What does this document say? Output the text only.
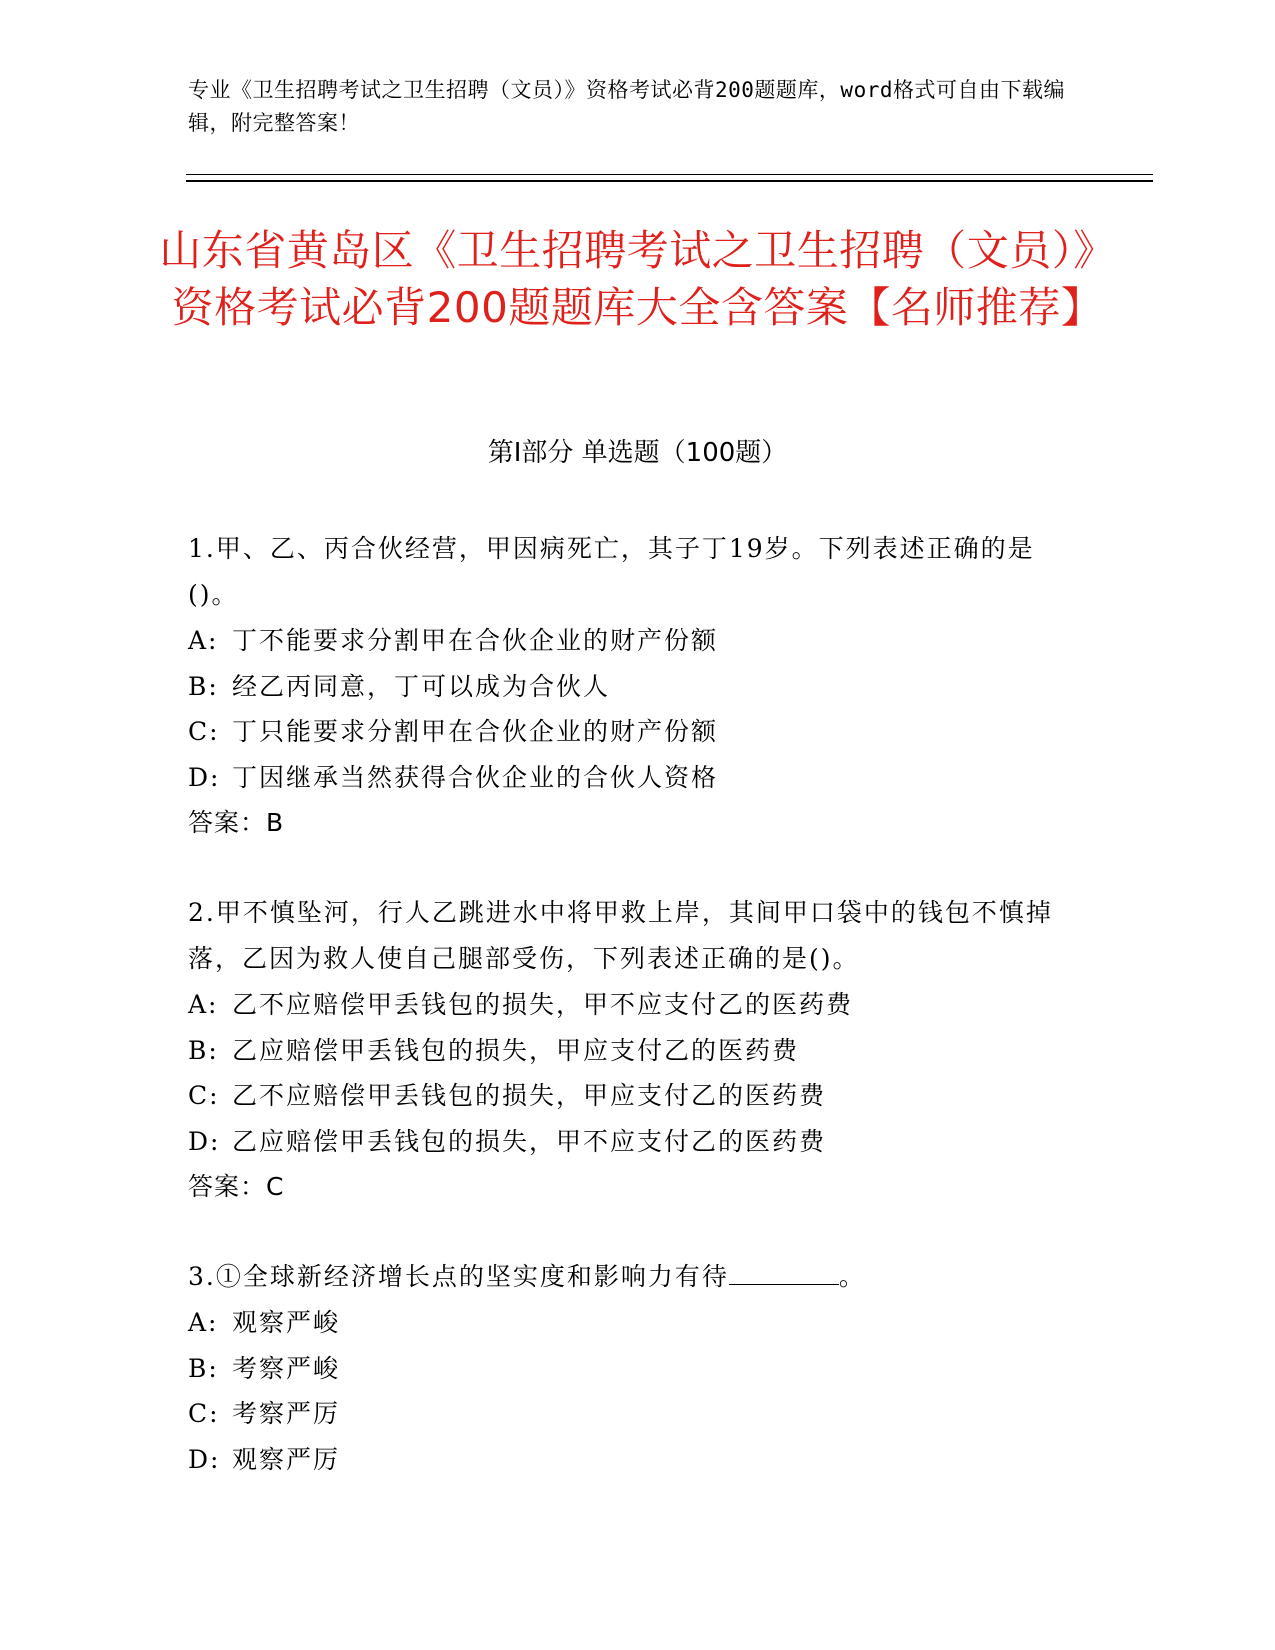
专业《卫生招聘考试之卫生招聘（文员）》资格考试必背200题题库，word格式可自由下载编辑，附完整答案！
山东省黄岛区《卫生招聘考试之卫生招聘（文员）》资格考试必背200题题库大全含答案【名师推荐】
第I部分 单选题（100题）

1.甲、乙、丙合伙经营，甲因病死亡，其子丁19岁。下列表述正确的是()。

A: 丁不能要求分割甲在合伙企业的财产份额

B: 经乙丙同意，丁可以成为合伙人

C: 丁只能要求分割甲在合伙企业的财产份额

D: 丁因继承当然获得合伙企业的合伙人资格

答案：B

2.甲不慎坠河，行人乙跳进水中将甲救上岸，其间甲口袋中的钱包不慎掉落，乙因为救人使自己腿部受伤，下列表述正确的是()。

A: 乙不应赔偿甲丢钱包的损失，甲不应支付乙的医药费

B: 乙应赔偿甲丢钱包的损失，甲应支付乙的医药费

C: 乙不应赔偿甲丢钱包的损失，甲应支付乙的医药费

D: 乙应赔偿甲丢钱包的损失，甲不应支付乙的医药费

答案：C

3.①全球新经济增长点的坚实度和影响力有待	。

A: 观察严峻

B: 考察严峻

C: 考察严厉

D: 观察严厉
